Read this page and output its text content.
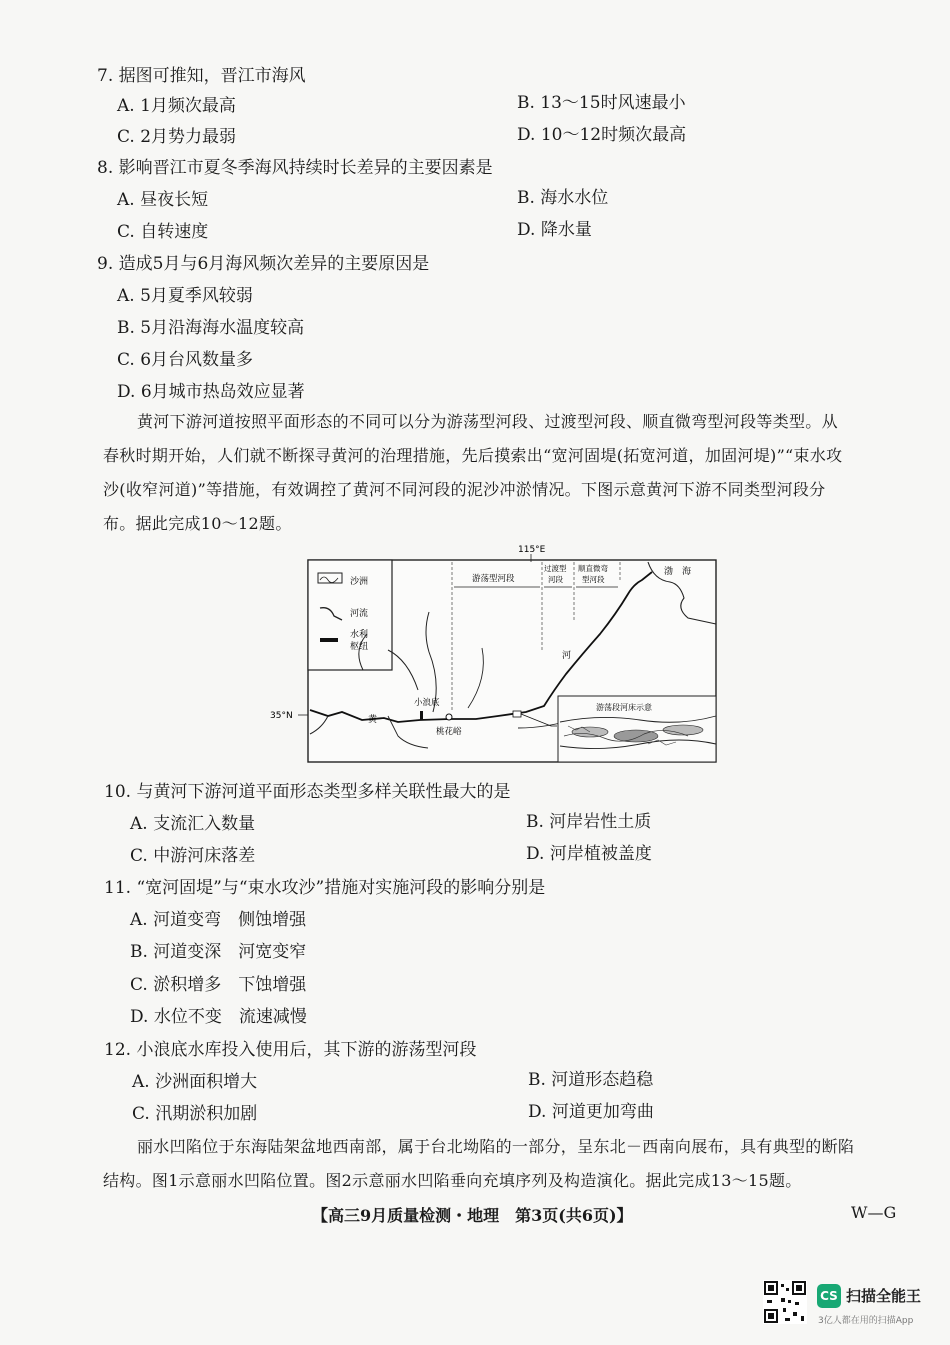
7. 据图可推知，晋江市海风
A. 1月频次最高	B. 13～15时风速最小
C. 2月势力最弱	D. 10～12时频次最高
8. 影响晋江市夏冬季海风持续时长差异的主要因素是
A. 昼夜长短	B. 海水水位
C. 自转速度	D. 降水量
9. 造成5月与6月海风频次差异的主要原因是
A. 5月夏季风较弱
B. 5月沿海海水温度较高
C. 6月台风数量多
D. 6月城市热岛效应显著
黄河下游河道按照平面形态的不同可以分为游荡型河段、过渡型河段、顺直微弯型河段等类型。从
春秋时期开始，人们就不断探寻黄河的治理措施，先后摸索出“宽河固堤(拓宽河道，加固河堤)”“束水攻
沙(收窄河道)”等措施，有效调控了黄河不同河段的泥沙冲淤情况。下图示意黄河下游不同类型河段分
布。据此完成10～12题。
沙洲
河流
水利
枢纽
115°E
35°N
游荡型河段
过渡型
河段
顺直微弯
型河段
渤 海
河
黄
小浪底
桃花峪
游荡段河床示意
10. 与黄河下游河道平面形态类型多样关联性最大的是
A. 支流汇入数量	B. 河岸岩性土质
C. 中游河床落差	D. 河岸植被盖度
11. “宽河固堤”与“束水攻沙”措施对实施河段的影响分别是
A. 河道变弯　侧蚀增强
B. 河道变深　河宽变窄
C. 淤积增多　下蚀增强
D. 水位不变　流速减慢
12. 小浪底水库投入使用后，其下游的游荡型河段
A. 沙洲面积增大	B. 河道形态趋稳
C. 汛期淤积加剧	D. 河道更加弯曲
丽水凹陷位于东海陆架盆地西南部，属于台北坳陷的一部分，呈东北－西南向展布，具有典型的断陷
结构。图1示意丽水凹陷位置。图2示意丽水凹陷垂向充填序列及构造演化。据此完成13～15题。
【高三9月质量检测・地理　第3页(共6页)】	W—G
CS 扫描全能王
3亿人都在用的扫描App
